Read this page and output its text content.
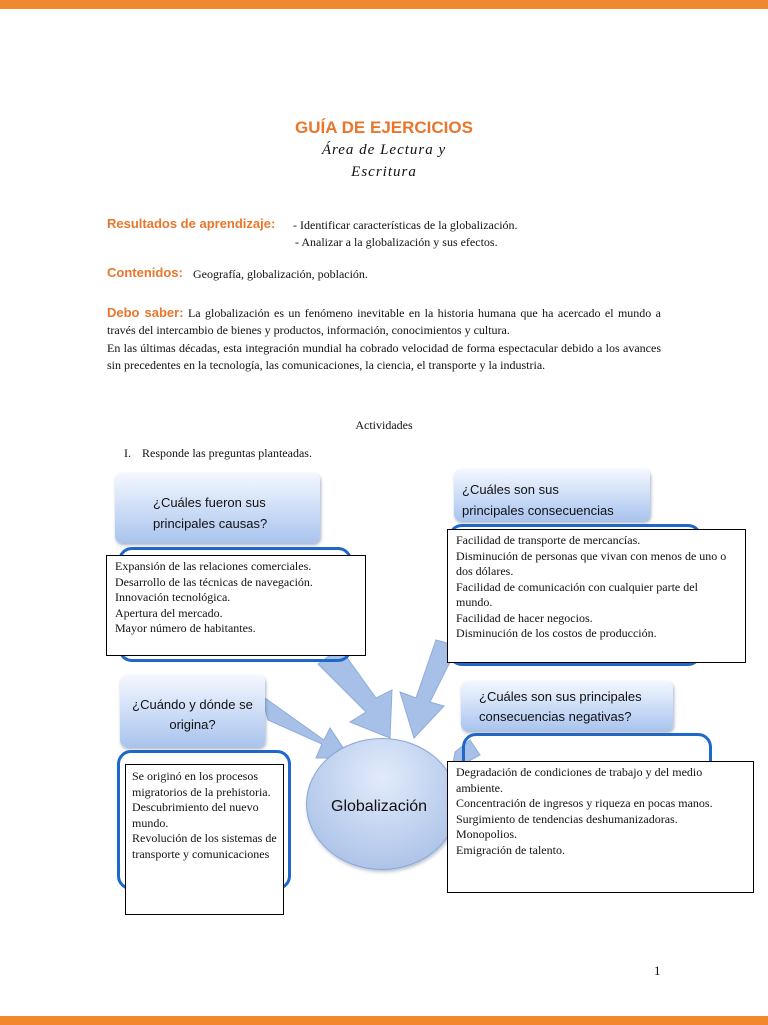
GUÍA DE EJERCICIOS
Área de Lectura y
Escritura
Resultados de aprendizaje: - Identificar características de la globalización.
- Analizar a la globalización y sus efectos.
Contenidos: Geografía, globalización, población.
Debo saber: La globalización es un fenómeno inevitable en la historia humana que ha acercado el mundo a través del intercambio de bienes y productos, información, conocimientos y cultura.
En las últimas décadas, esta integración mundial ha cobrado velocidad de forma espectacular debido a los avances sin precedentes en la tecnología, las comunicaciones, la ciencia, el transporte y la industria.
Actividades
I. Responde las preguntas planteadas.
¿Cuáles fueron sus principales causas?
¿Cuáles son sus principales consecuencias
¿Cuándo y dónde se origina?
¿Cuáles son sus principales consecuencias negativas?
Globalización
Expansión de las relaciones comerciales.
Desarrollo de las técnicas de navegación.
Innovación tecnológica.
Apertura del mercado.
Mayor número de habitantes.
Facilidad de transporte de mercancías.
Disminución de personas que vivan con menos de uno o dos dólares.
Facilidad de comunicación con cualquier parte del mundo.
Facilidad de hacer negocios.
Disminución de los costos de producción.
Se originó en los procesos migratorios de la prehistoria.
Descubrimiento del nuevo mundo.
Revolución de los sistemas de transporte y comunicaciones
Degradación de condiciones de trabajo y del medio ambiente.
Concentración de ingresos y riqueza en pocas manos.
Surgimiento de tendencias deshumanizadoras.
Monopolios.
Emigración de talento.
1
